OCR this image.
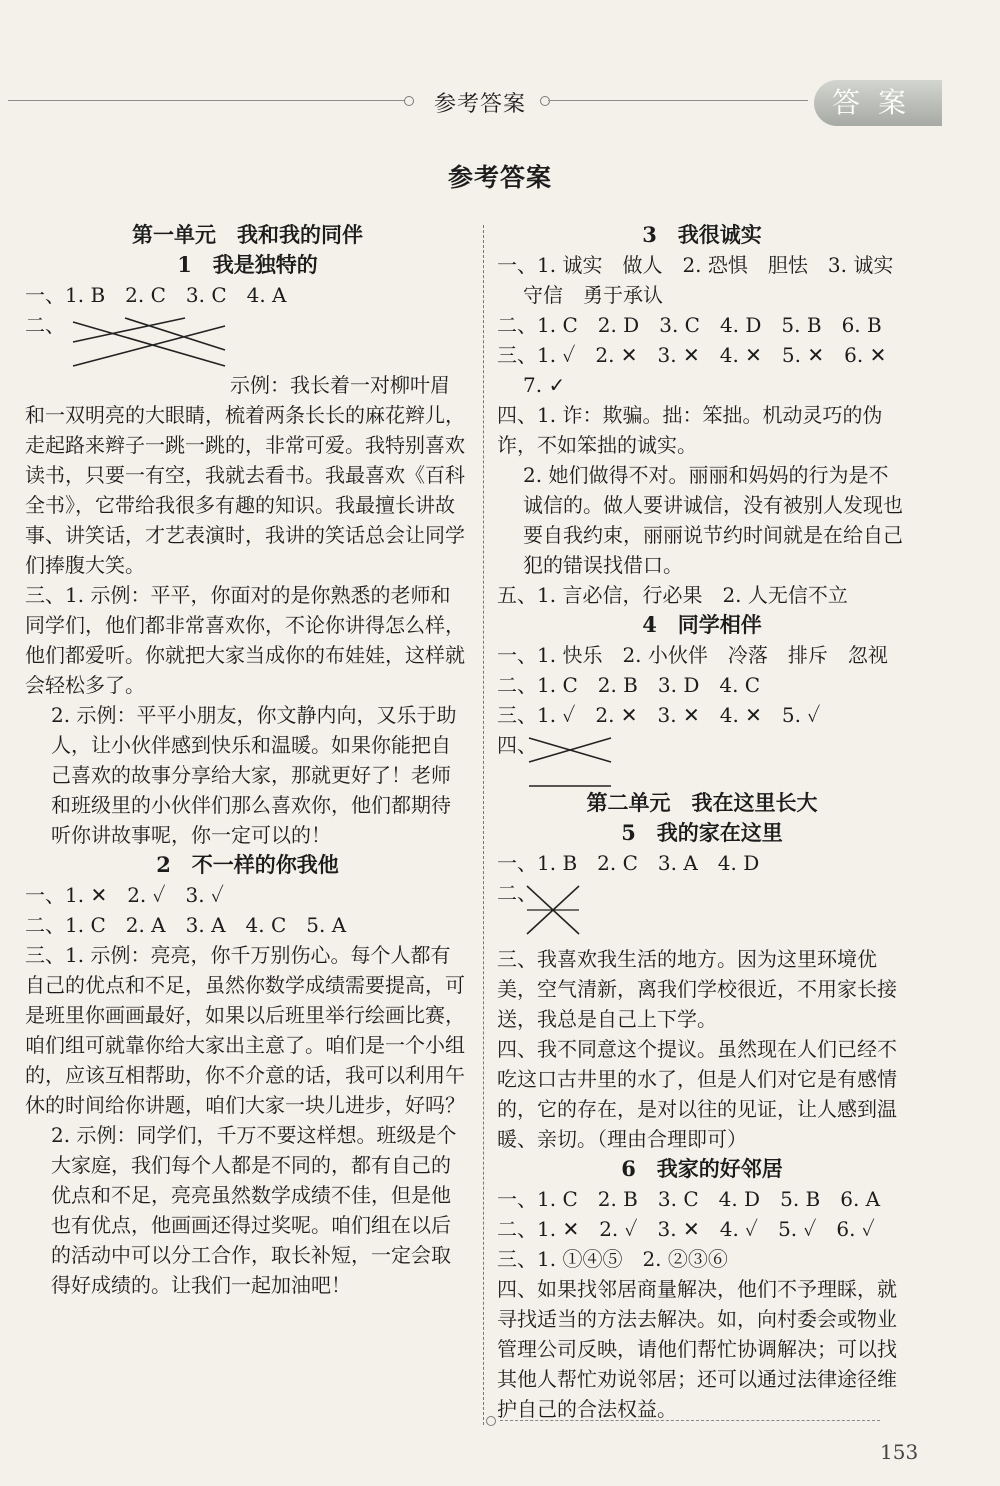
参考答案	答案
参考答案
第一单元　我和我的同伴
1　我是独特的
一、1. B　2. C　3. C　4. A
二、
示例：我长着一对柳叶眉
和一双明亮的大眼睛，梳着两条长长的麻花辫儿，走起路来辫子一跳一跳的，非常可爱。我特别喜欢读书，只要一有空，我就去看书。我最喜欢《百科全书》，它带给我很多有趣的知识。我最擅长讲故事、讲笑话，才艺表演时，我讲的笑话总会让同学们捧腹大笑。
三、1. 示例：平平，你面对的是你熟悉的老师和同学们，他们都非常喜欢你，不论你讲得怎么样，他们都爱听。你就把大家当成你的布娃娃，这样就会轻松多了。
2. 示例：平平小朋友，你文静内向，又乐于助人，让小伙伴感到快乐和温暖。如果你能把自己喜欢的故事分享给大家，那就更好了！老师和班级里的小伙伴们那么喜欢你，他们都期待听你讲故事呢，你一定可以的！
2　不一样的你我他
一、1. ✕　2. ✓　3. ✓
二、1. C　2. A　3. A　4. C　5. A
三、1. 示例：亮亮，你千万别伤心。每个人都有自己的优点和不足，虽然你数学成绩需要提高，可是班里你画画最好，如果以后班里举行绘画比赛，咱们组可就靠你给大家出主意了。咱们是一个小组的，应该互相帮助，你不介意的话，我可以利用午休的时间给你讲题，咱们大家一块儿进步，好吗？
2. 示例：同学们，千万不要这样想。班级是个大家庭，我们每个人都是不同的，都有自己的优点和不足，亮亮虽然数学成绩不佳，但是他也有优点，他画画还得过奖呢。咱们组在以后的活动中可以分工合作，取长补短，一定会取得好成绩的。让我们一起加油吧！
3　我很诚实
一、1. 诚实　做人　2. 恐惧　胆怯　3. 诚实
守信　勇于承认
二、1. C　2. D　3. C　4. D　5. B　6. B
三、1. ✓　2. ✕　3. ✕　4. ✕　5. ✕　6. ✕
7. ✓
四、1. 诈：欺骗。拙：笨拙。机动灵巧的伪诈，不如笨拙的诚实。
2. 她们做得不对。丽丽和妈妈的行为是不诚信的。做人要讲诚信，没有被别人发现也要自我约束，丽丽说节约时间就是在给自己犯的错误找借口。
五、1. 言必信，行必果　2. 人无信不立
4　同学相伴
一、1. 快乐　2. 小伙伴　冷落　排斥　忽视
二、1. C　2. B　3. D　4. C
三、1. ✓　2. ✕　3. ✕　4. ✕　5. ✓
四、
第二单元　我在这里长大
5　我的家在这里
一、1. B　2. C　3. A　4. D
二、
三、我喜欢我生活的地方。因为这里环境优美，空气清新，离我们学校很近，不用家长接送，我总是自己上下学。
四、我不同意这个提议。虽然现在人们已经不吃这口古井里的水了，但是人们对它是有感情的，它的存在，是对以往的见证，让人感到温暖、亲切。（理由合理即可）
6　我家的好邻居
一、1. C　2. B　3. C　4. D　5. B　6. A
二、1. ✕　2. ✓　3. ✕　4. ✓　5. ✓　6. ✓
三、1. ①④⑤　2. ②③⑥
四、如果找邻居商量解决，他们不予理睬，就寻找适当的方法去解决。如，向村委会或物业管理公司反映，请他们帮忙协调解决；可以找其他人帮忙劝说邻居；还可以通过法律途径维护自己的合法权益。
153
